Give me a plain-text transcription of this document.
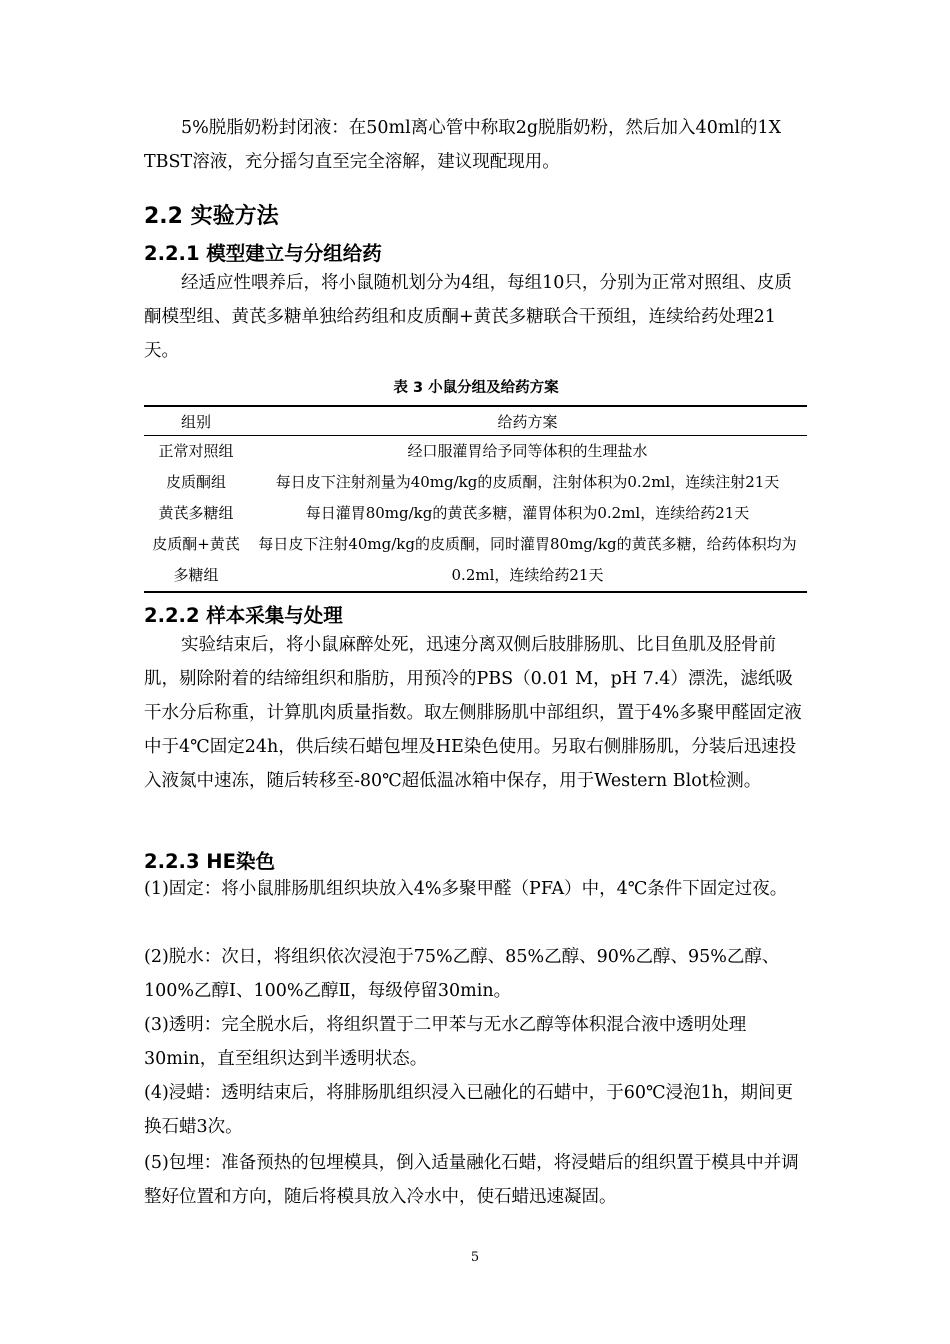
5%脱脂奶粉封闭液：在50ml离心管中称取2g脱脂奶粉，然后加入40ml的1X TBST溶液，充分摇匀直至完全溶解，建议现配现用。

2.2 实验方法
2.2.1 模型建立与分组给药

经适应性喂养后，将小鼠随机划分为4组，每组10只，分别为正常对照组、皮质酮模型组、黄芪多糖单独给药组和皮质酮+黄芪多糖联合干预组，连续给药处理21天。

表 3 小鼠分组及给药方案
组别	给药方案
正常对照组	经口服灌胃给予同等体积的生理盐水
皮质酮组	每日皮下注射剂量为40mg/kg的皮质酮，注射体积为0.2ml，连续注射21天
黄芪多糖组	每日灌胃80mg/kg的黄芪多糖，灌胃体积为0.2ml，连续给药21天
皮质酮+黄芪多糖组	每日皮下注射40mg/kg的皮质酮，同时灌胃80mg/kg的黄芪多糖，给药体积均为0.2ml，连续给药21天
2.2.2 样本采集与处理

实验结束后，将小鼠麻醉处死，迅速分离双侧后肢腓肠肌、比目鱼肌及胫骨前肌，剔除附着的结缔组织和脂肪，用预冷的PBS（0.01 M，pH 7.4）漂洗，滤纸吸干水分后称重，计算肌肉质量指数。取左侧腓肠肌中部组织，置于4%多聚甲醛固定液中于4℃固定24h，供后续石蜡包埋及HE染色使用。另取右侧腓肠肌，分装后迅速投入液氮中速冻，随后转移至-80℃超低温冰箱中保存，用于Western Blot检测。

2.2.3 HE染色

(1)固定：将小鼠腓肠肌组织块放入4%多聚甲醛（PFA）中，4℃条件下固定过夜。

(2)脱水：次日，将组织依次浸泡于75%乙醇、85%乙醇、90%乙醇、95%乙醇、100%乙醇Ⅰ、100%乙醇Ⅱ，每级停留30min。

(3)透明：完全脱水后，将组织置于二甲苯与无水乙醇等体积混合液中透明处理30min，直至组织达到半透明状态。

(4)浸蜡：透明结束后，将腓肠肌组织浸入已融化的石蜡中，于60℃浸泡1h，期间更换石蜡3次。

(5)包埋：准备预热的包埋模具，倒入适量融化石蜡，将浸蜡后的组织置于模具中并调整好位置和方向，随后将模具放入冷水中，使石蜡迅速凝固。

5
